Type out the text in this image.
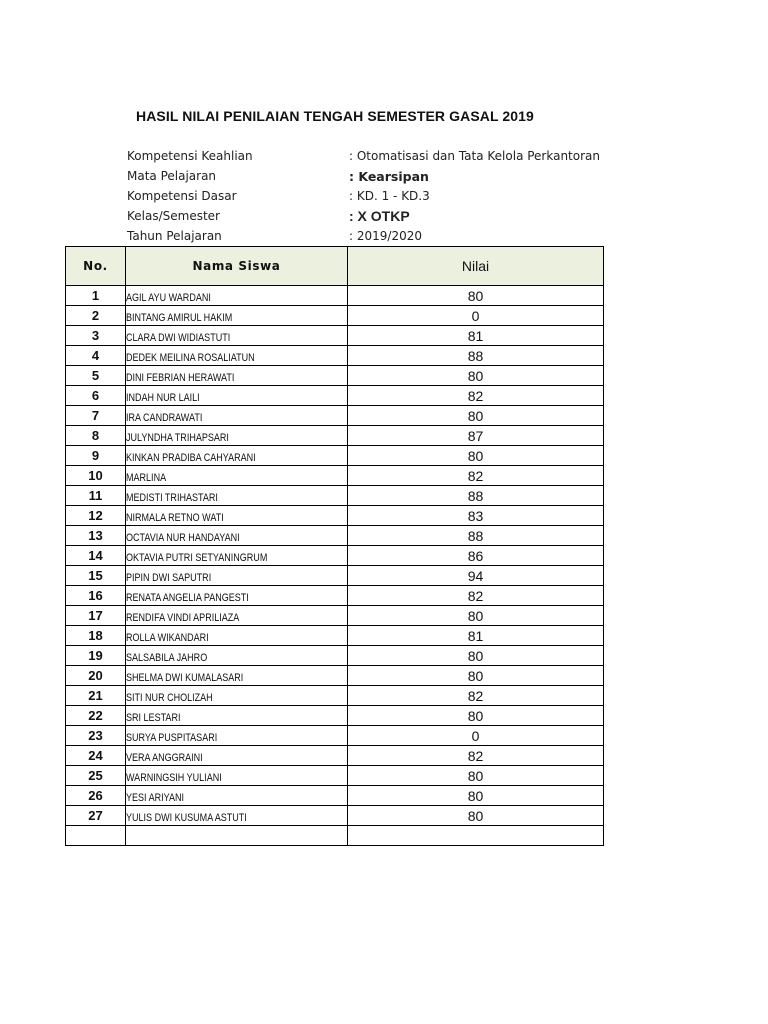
HASIL NILAI PENILAIAN TENGAH SEMESTER GASAL 2019
Kompetensi Keahlian	: Otomatisasi dan Tata Kelola Perkantoran
Mata Pelajaran	: Kearsipan
Kompetensi Dasar	: KD. 1 - KD.3
Kelas/Semester	: X OTKP
Tahun Pelajaran	: 2019/2020
No.	Nama Siswa	Nilai
1	AGIL AYU WARDANI	80
2	BINTANG AMIRUL HAKIM	0
3	CLARA DWI WIDIASTUTI	81
4	DEDEK MEILINA ROSALIATUN	88
5	DINI FEBRIAN HERAWATI	80
6	INDAH NUR LAILI	82
7	IRA CANDRAWATI	80
8	JULYNDHA TRIHAPSARI	87
9	KINKAN PRADIBA CAHYARANI	80
10	MARLINA	82
11	MEDISTI TRIHASTARI	88
12	NIRMALA RETNO WATI	83
13	OCTAVIA NUR HANDAYANI	88
14	OKTAVIA PUTRI SETYANINGRUM	86
15	PIPIN DWI SAPUTRI	94
16	RENATA ANGELIA PANGESTI	82
17	RENDIFA VINDI APRILIAZA	80
18	ROLLA WIKANDARI	81
19	SALSABILA JAHRO	80
20	SHELMA DWI KUMALASARI	80
21	SITI NUR CHOLIZAH	82
22	SRI LESTARI	80
23	SURYA PUSPITASARI	0
24	VERA ANGGRAINI	82
25	WARNINGSIH YULIANI	80
26	YESI ARIYANI	80
27	YULIS DWI KUSUMA ASTUTI	80
